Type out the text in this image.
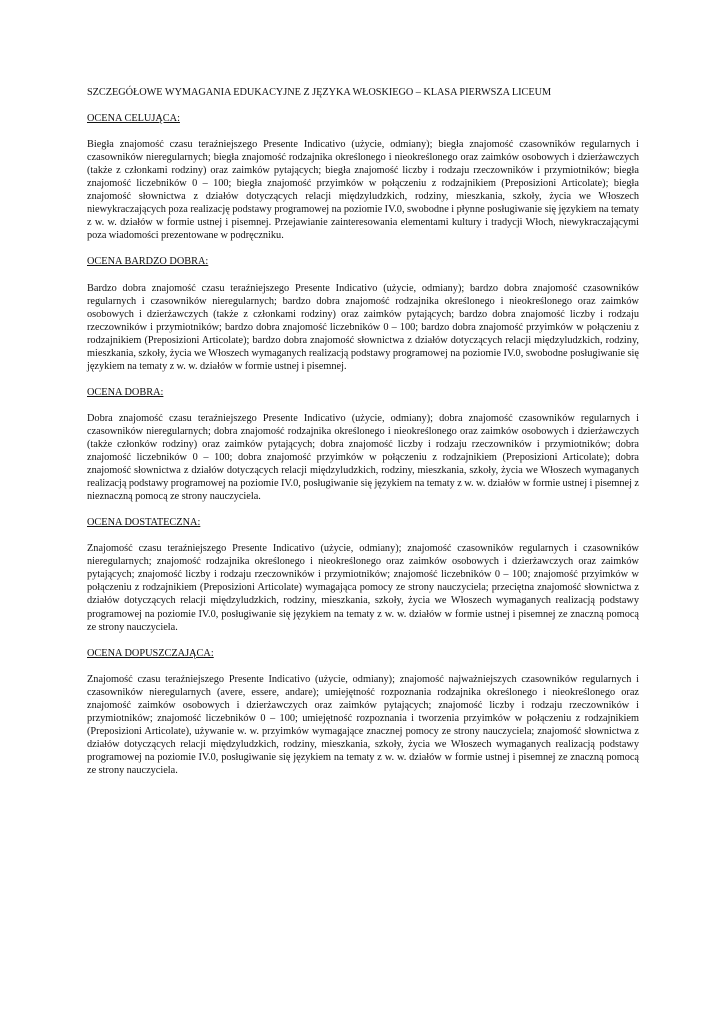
SZCZEGÓŁOWE WYMAGANIA EDUKACYJNE Z JĘZYKA WŁOSKIEGO – KLASA PIERWSZA LICEUM

OCENA CELUJĄCA:

Biegła znajomość czasu teraźniejszego Presente Indicativo (użycie, odmiany); biegła znajomość czasowników regularnych i czasowników nieregularnych; biegła znajomość rodzajnika określonego i nieokreślonego oraz zaimków osobowych i dzierżawczych (także z członkami rodziny) oraz zaimków pytających; biegła znajomość liczby i rodzaju rzeczowników i przymiotników; biegła znajomość liczebników 0 – 100; biegła znajomość przyimków w połączeniu z rodzajnikiem (Preposizioni Articolate); biegła znajomość słownictwa z działów dotyczących relacji międzyludzkich, rodziny, mieszkania, szkoły, życia we Włoszech niewykraczających poza realizację podstawy programowej na poziomie IV.0, swobodne i płynne posługiwanie się językiem na tematy z w. w. działów w formie ustnej i pisemnej. Przejawianie zainteresowania elementami kultury i tradycji Włoch, niewykraczającymi poza wiadomości prezentowane w podręczniku.

OCENA BARDZO DOBRA:

Bardzo dobra znajomość czasu teraźniejszego Presente Indicativo (użycie, odmiany); bardzo dobra znajomość czasowników regularnych i czasowników nieregularnych; bardzo dobra znajomość rodzajnika określonego i nieokreślonego oraz zaimków osobowych i dzierżawczych (także z członkami rodziny) oraz zaimków pytających; bardzo dobra znajomość liczby i rodzaju rzeczowników i przymiotników; bardzo dobra znajomość liczebników 0 – 100; bardzo dobra znajomość przyimków w połączeniu z rodzajnikiem (Preposizioni Articolate); bardzo dobra znajomość słownictwa z działów dotyczących relacji międzyludzkich, rodziny, mieszkania, szkoły, życia we Włoszech wymaganych realizacją podstawy programowej na poziomie IV.0, swobodne posługiwanie się językiem na tematy z w. w. działów w formie ustnej i pisemnej.

OCENA DOBRA:

Dobra znajomość czasu teraźniejszego Presente Indicativo (użycie, odmiany); dobra znajomość czasowników regularnych i czasowników nieregularnych; dobra znajomość rodzajnika określonego i nieokreślonego oraz zaimków osobowych i dzierżawczych (także członków rodziny) oraz zaimków pytających; dobra znajomość liczby i rodzaju rzeczowników i przymiotników; dobra znajomość liczebników 0 – 100; dobra znajomość przyimków w połączeniu z rodzajnikiem (Preposizioni Articolate); dobra znajomość słownictwa z działów dotyczących relacji międzyludzkich, rodziny, mieszkania, szkoły, życia we Włoszech wymaganych realizacją podstawy programowej na poziomie IV.0, posługiwanie się językiem na tematy z w. w. działów w formie ustnej i pisemnej z nieznaczną pomocą ze strony nauczyciela.

OCENA DOSTATECZNA:

Znajomość czasu teraźniejszego Presente Indicativo (użycie, odmiany); znajomość czasowników regularnych i czasowników nieregularnych; znajomość rodzajnika określonego i nieokreślonego oraz zaimków osobowych i dzierżawczych oraz zaimków pytających; znajomość liczby i rodzaju rzeczowników i przymiotników; znajomość liczebników 0 – 100; znajomość przyimków w połączeniu z rodzajnikiem (Preposizioni Articolate) wymagająca pomocy ze strony nauczyciela; przeciętna znajomość słownictwa z działów dotyczących relacji międzyludzkich, rodziny, mieszkania, szkoły, życia we Włoszech wymaganych realizacją podstawy programowej na poziomie IV.0, posługiwanie się językiem na tematy z w. w. działów w formie ustnej i pisemnej ze znaczną pomocą ze strony nauczyciela.

OCENA DOPUSZCZAJĄCA:

Znajomość czasu teraźniejszego Presente Indicativo (użycie, odmiany); znajomość najważniejszych czasowników regularnych i czasowników nieregularnych (avere, essere, andare); umiejętność rozpoznania rodzajnika określonego i nieokreślonego oraz znajomość zaimków osobowych i dzierżawczych oraz zaimków pytających; znajomość liczby i rodzaju rzeczowników i przymiotników; znajomość liczebników 0 – 100; umiejętność rozpoznania i tworzenia przyimków w połączeniu z rodzajnikiem (Preposizioni Articolate), używanie w. w. przyimków wymagające znacznej pomocy ze strony nauczyciela; znajomość słownictwa z działów dotyczących relacji międzyludzkich, rodziny, mieszkania, szkoły, życia we Włoszech wymaganych realizacją podstawy programowej na poziomie IV.0, posługiwanie się językiem na tematy z w. w. działów w formie ustnej i pisemnej ze znaczną pomocą ze strony nauczyciela.
